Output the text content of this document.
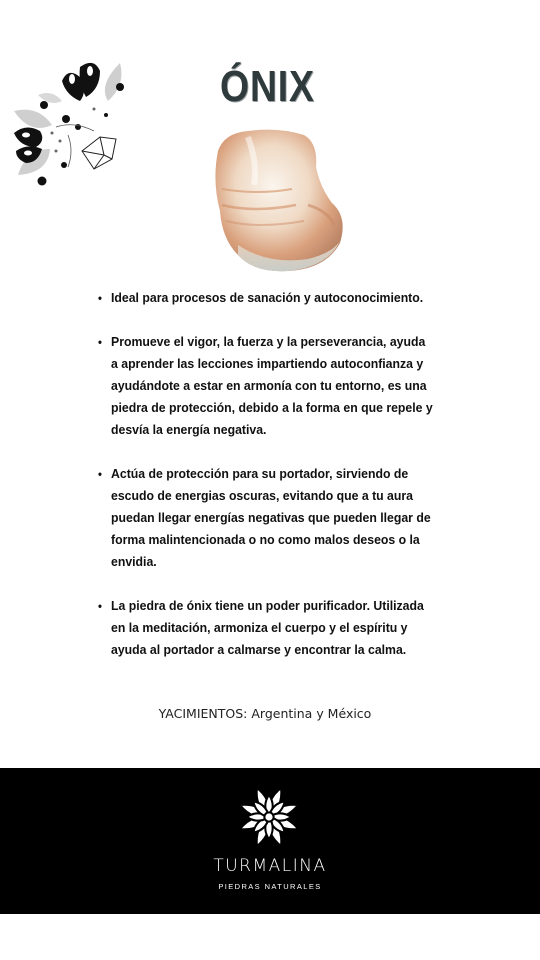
ÓNIX
• Ideal para procesos de sanación y autoconocimiento.
• Promueve el vigor, la fuerza y la perseverancia, ayuda a aprender las lecciones impartiendo autoconfianza y ayudándote a estar en armonía con tu entorno, es una piedra de protección, debido a la forma en que repele y desvía la energía negativa.
• Actúa de protección para su portador, sirviendo de escudo de energias oscuras, evitando que a tu aura puedan llegar energías negativas que pueden llegar de forma malintencionada o no como malos deseos o la envidia.
• La piedra de ónix tiene un poder purificador. Utilizada en la meditación, armoniza el cuerpo y el espíritu y ayuda al portador a calmarse y encontrar la calma.
YACIMIENTOS: Argentina y México
TURMALINA
PIEDRAS NATURALES
